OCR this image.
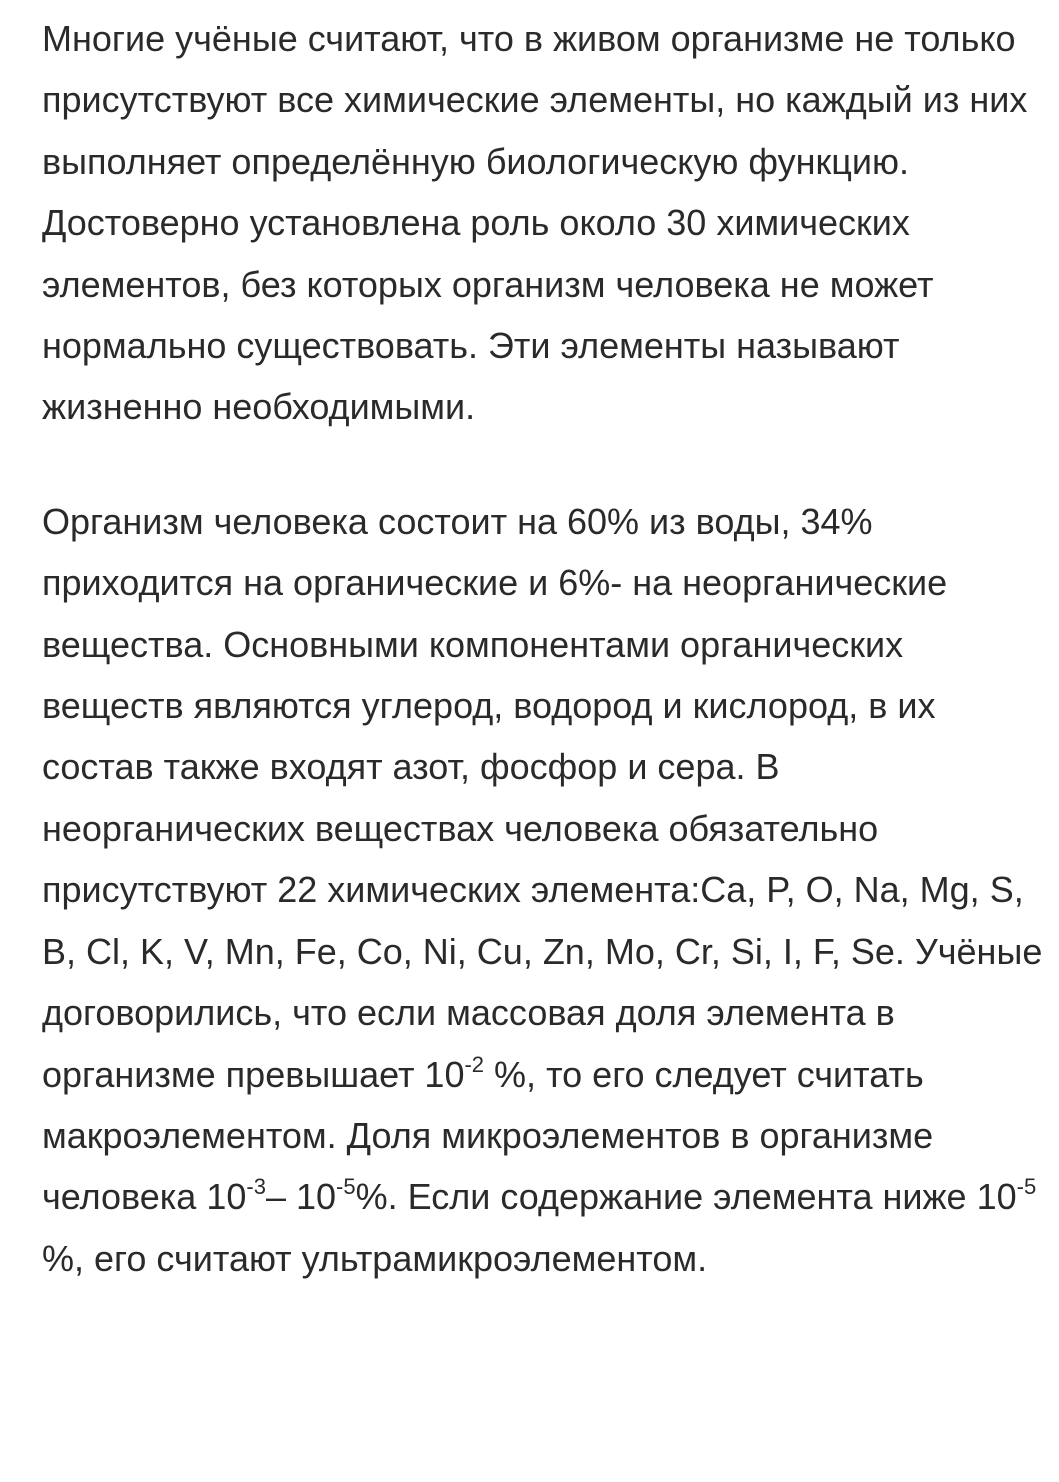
Многие учёные считают, что в живом организме не только присутствуют все химические элементы, но каждый из них выполняет определённую биологическую функцию. Достоверно установлена роль около 30 химических элементов, без которых организм человека не может нормально существовать. Эти элементы называют жизненно необходимыми.

Организм человека состоит на 60% из воды, 34% приходится на органические и 6%- на неорганические вещества. Основными компонентами органических веществ являются углерод, водород и кислород, в их состав также входят азот, фосфор и сера. В неорганических веществах человека обязательно присутствуют 22 химических элемента:Ca, P, O, Na, Mg, S, B, Cl, K, V, Mn, Fe, Co, Ni, Cu, Zn, Mo, Cr, Si, I, F, Se. Учёные договорились, что если массовая доля элемента в организме превышает $10^{-2}$ %, то его следует считать макроэлементом. Доля микроэлементов в организме человека $10^{-3}-$ $10^{-5}\%$. Если содержание элемента ниже $10^{-5}$ %, его считают ультрамикроэлементом.
